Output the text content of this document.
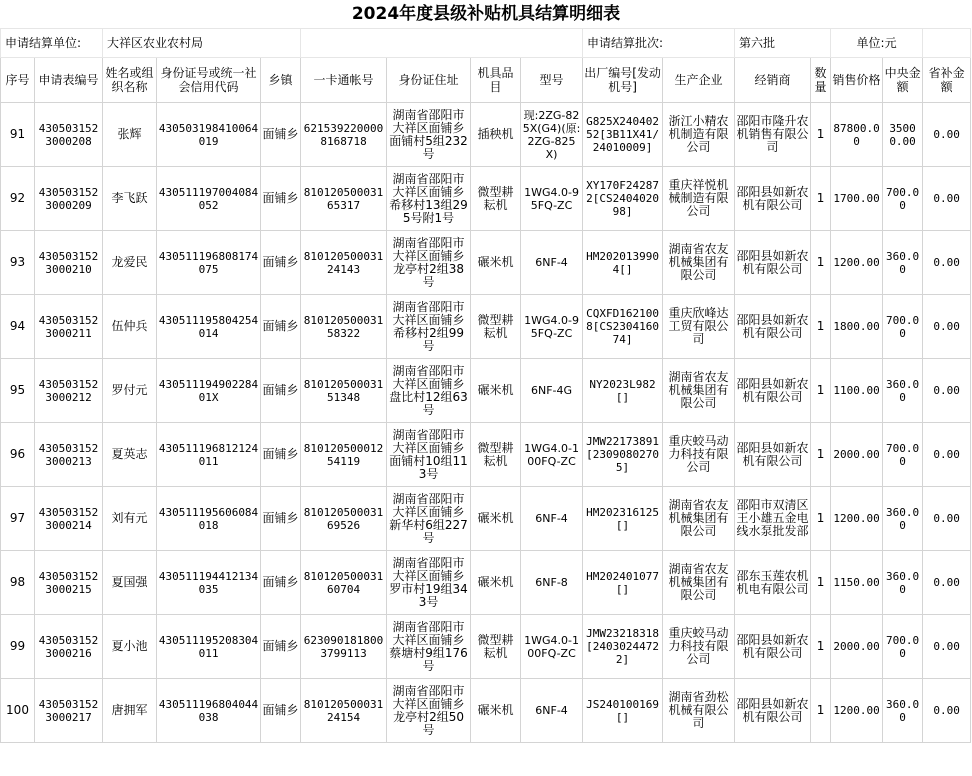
2024年度县级补贴机具结算明细表
申请结算单位:		大祥区农业农村局							申请结算批次:		第六批		单位:元		
序号	申请表编号	姓名或组织名称	身份证号或统一社会信用代码	乡镇	一卡通帐号	身份证住址	机具品目	型号	出厂编号[发动机号]	生产企业	经销商	数量	销售价格	中央金额	省补金额
91	4305031523000208	张辉	430503198410064019	面铺乡	6215392200008168718	湖南省邵阳市大祥区面铺乡面铺村5组232号	插秧机	现:2ZG-825X(G4)(原:2ZG-825X)	G825X24040252[3B11X41/24010009]	浙江小精农机制造有限公司	邵阳市隆升农机销售有限公司	1	87800.00	35000.00	0.00
92	4305031523000209	李飞跃	430511197004084052	面铺乡	81012050003165317	湖南省邵阳市大祥区面铺乡希移村13组295号附1号	微型耕耘机	1WG4.0-95FQ-ZC	XY170F242872[CS240402098]	重庆祥悦机械制造有限公司	邵阳县如新农机有限公司	1	1700.00	700.00	0.00
93	4305031523000210	龙爱民	430511196808174075	面铺乡	81012050003124143	湖南省邵阳市大祥区面铺乡龙亭村2组38号	碾米机	6NF-4	HM202013990 4[]	湖南省农友机械集团有限公司	邵阳县如新农机有限公司	1	1200.00	360.00	0.00
94	4305031523000211	伍仲兵	430511195804254014	面铺乡	81012050003158322	湖南省邵阳市大祥区面铺乡希移村2组99号	微型耕耘机	1WG4.0-95FQ-ZC	CQXFD1621008[CS230416074]	重庆欣峰达工贸有限公司	邵阳县如新农机有限公司	1	1800.00	700.00	0.00
95	4305031523000212	罗付元	43051119490228401X	面铺乡	81012050003151348	湖南省邵阳市大祥区面铺乡盘比村12组63号	碾米机	6NF-4G	NY2023L982[]	湖南省农友机械集团有限公司	邵阳县如新农机有限公司	1	1100.00	360.00	0.00
96	4305031523000213	夏英志	430511196812124011	面铺乡	81012050001254119	湖南省邵阳市大祥区面铺乡面铺村10组113号	微型耕耘机	1WG4.0-100FQ-ZC	JMW22173891[2309080270 5]	重庆蛟马动力科技有限公司	邵阳县如新农机有限公司	1	2000.00	700.00	0.00
97	4305031523000214	刘有元	430511195606084018	面铺乡	81012050003169526	湖南省邵阳市大祥区面铺乡新华村6组227号	碾米机	6NF-4	HM202316125[]	湖南省农友机械集团有限公司	邵阳市双清区王小雄五金电线水泵批发部	1	1200.00	360.00	0.00
98	4305031523000215	夏国强	430511194412134035	面铺乡	81012050003160704	湖南省邵阳市大祥区面铺乡罗市村19组343号	碾米机	6NF-8	HM202401077[]	湖南省农友机械集团有限公司	邵东玉莲农机机电有限公司	1	1150.00	360.00	0.00
99	4305031523000216	夏小池	430511195208304011	面铺乡	6230901818003799113	湖南省邵阳市大祥区面铺乡蔡塘村9组176号	微型耕耘机	1WG4.0-100FQ-ZC	JMW23218318[2403024472 2]	重庆蛟马动力科技有限公司	邵阳县如新农机有限公司	1	2000.00	700.00	0.00
100	4305031523000217	唐拥军	430511196804044038	面铺乡	81012050003124154	湖南省邵阳市大祥区面铺乡龙亭村2组50号	碾米机	6NF-4	JS240100169[]	湖南省劲松机械有限公司	邵阳县如新农机有限公司	1	1200.00	360.00	0.00
